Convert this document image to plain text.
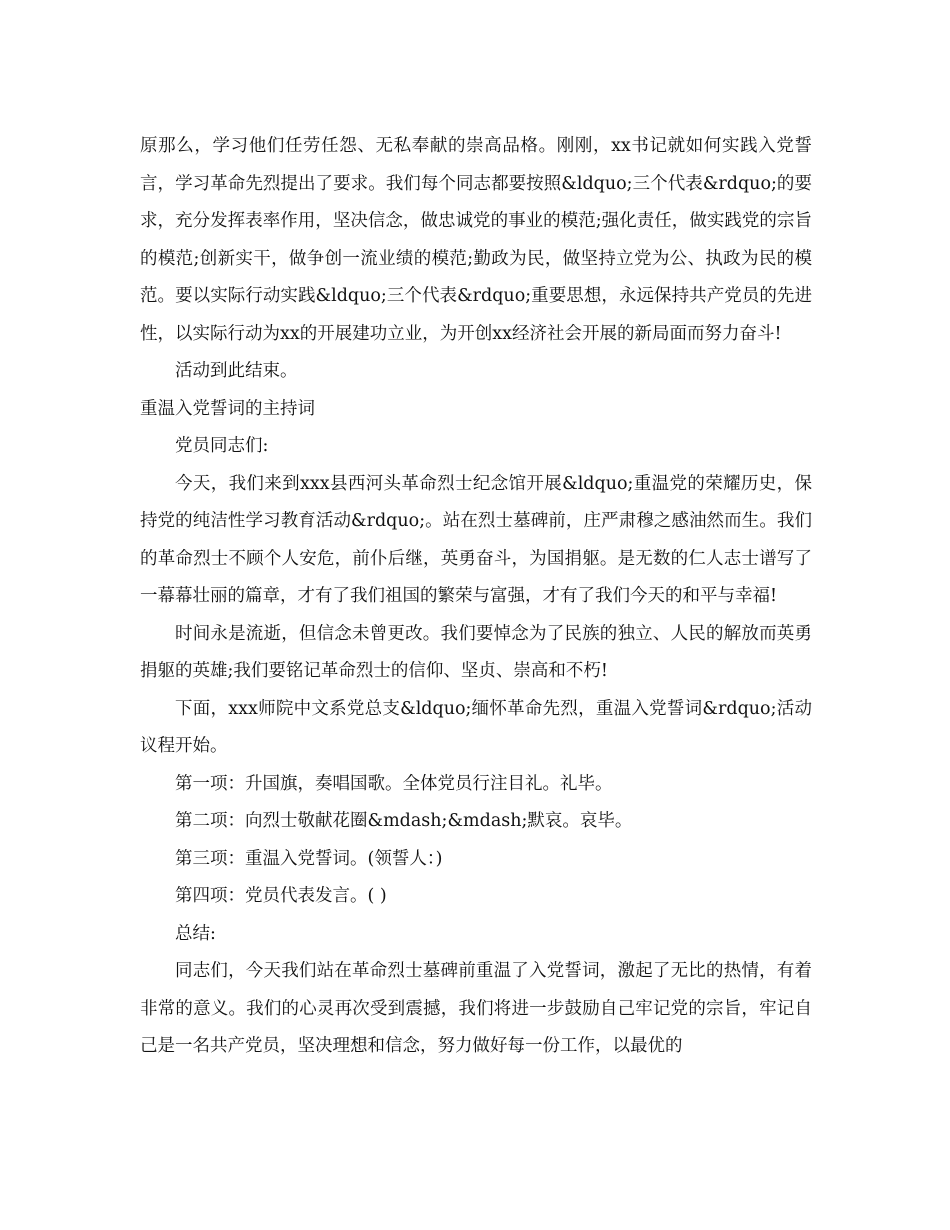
原那么，学习他们任劳任怨、无私奉献的崇高品格。刚刚，xx书记就如何实践入党誓言，学习革命先烈提出了要求。我们每个同志都要按照&ldquo;三个代表&rdquo;的要求，充分发挥表率作用，坚决信念，做忠诚党的事业的模范;强化责任，做实践党的宗旨的模范;创新实干，做争创一流业绩的模范;勤政为民，做坚持立党为公、执政为民的模范。要以实际行动实践&ldquo;三个代表&rdquo;重要思想，永远保持共产党员的先进性，以实际行动为xx的开展建功立业，为开创xx经济社会开展的新局面而努力奋斗!

活动到此结束。

重温入党誓词的主持词

党员同志们:

今天，我们来到xxx县西河头革命烈士纪念馆开展&ldquo;重温党的荣耀历史，保持党的纯洁性学习教育活动&rdquo;。站在烈士墓碑前，庄严肃穆之感油然而生。我们的革命烈士不顾个人安危，前仆后继，英勇奋斗，为国捐躯。是无数的仁人志士谱写了一幕幕壮丽的篇章，才有了我们祖国的繁荣与富强，才有了我们今天的和平与幸福!

时间永是流逝，但信念未曾更改。我们要悼念为了民族的独立、人民的解放而英勇捐躯的英雄;我们要铭记革命烈士的信仰、坚贞、崇高和不朽!

下面，xxx师院中文系党总支&ldquo;缅怀革命先烈，重温入党誓词&rdquo;活动议程开始。

第一项：升国旗，奏唱国歌。全体党员行注目礼。礼毕。

第二项：向烈士敬献花圈&mdash;&mdash;默哀。哀毕。

第三项：重温入党誓词。(领誓人：)

第四项：党员代表发言。( )

总结:

同志们，今天我们站在革命烈士墓碑前重温了入党誓词，激起了无比的热情，有着非常的意义。我们的心灵再次受到震撼，我们将进一步鼓励自己牢记党的宗旨，牢记自己是一名共产党员，坚决理想和信念，努力做好每一份工作，以最优的
